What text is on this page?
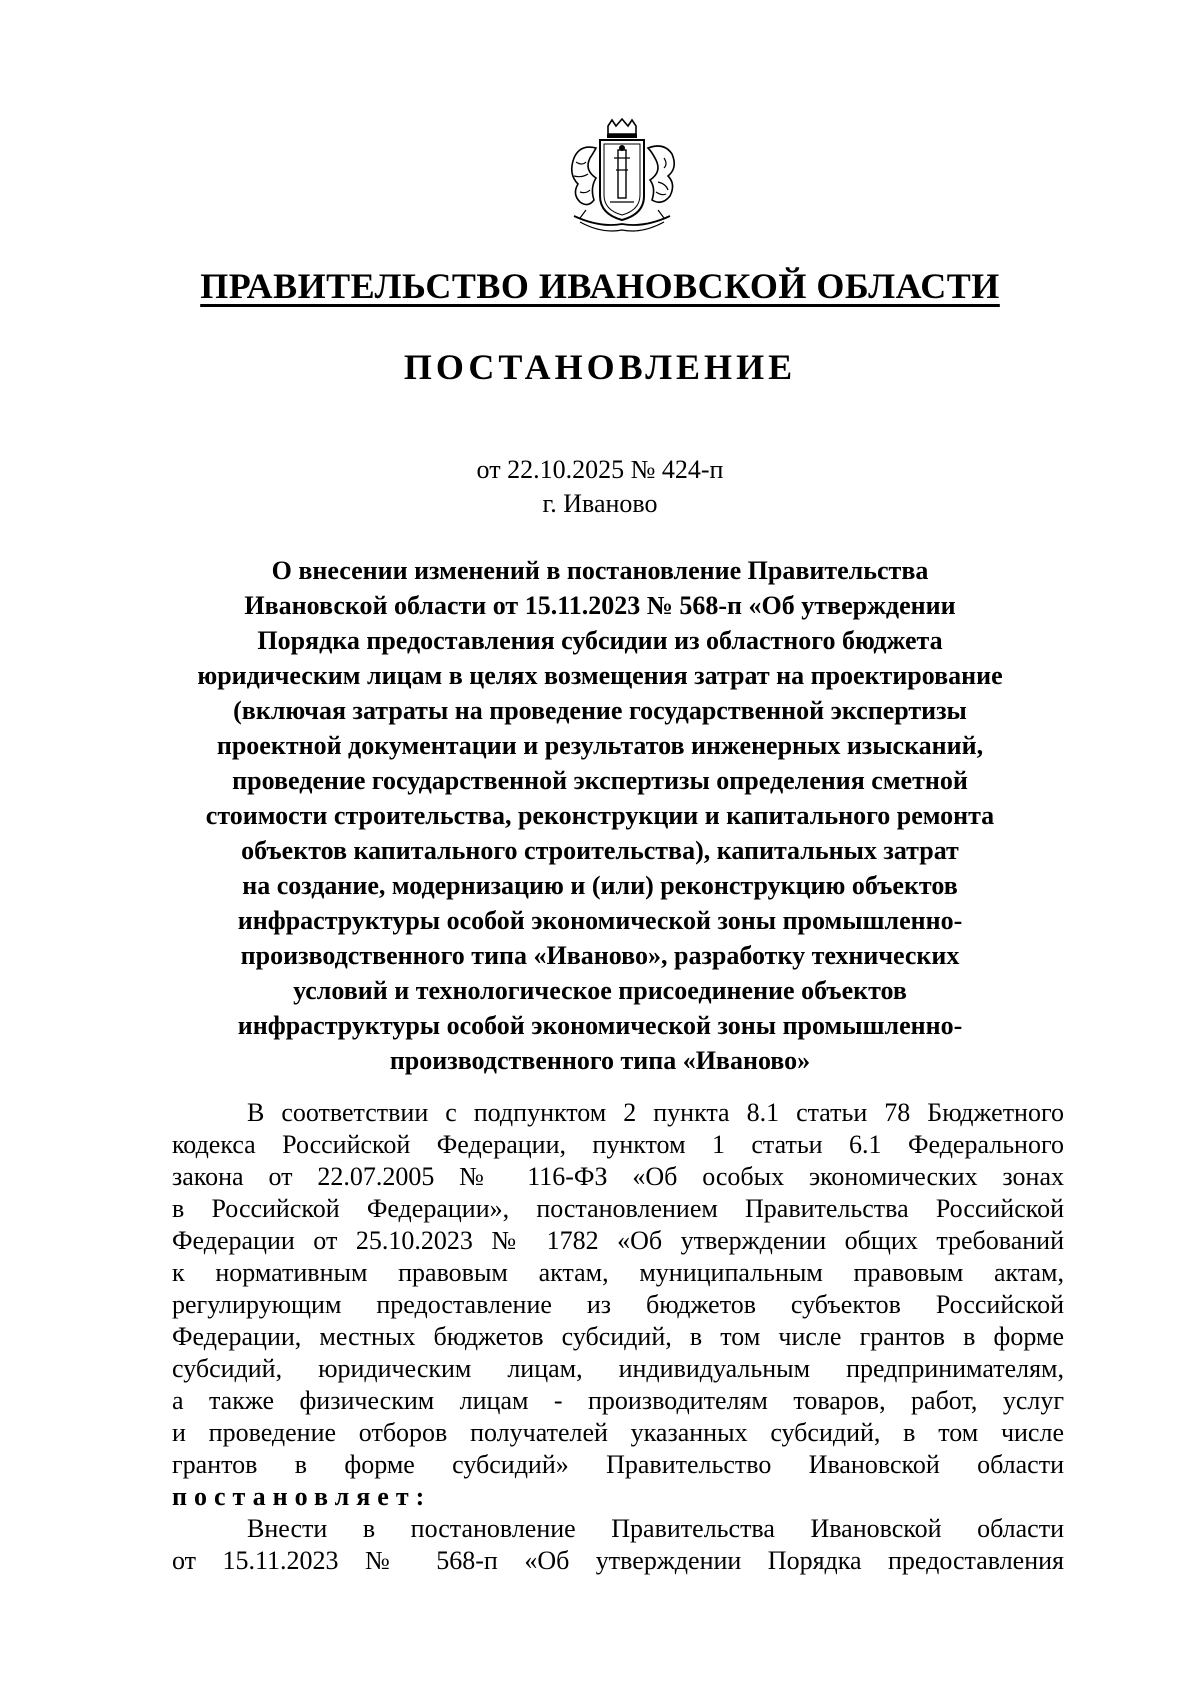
ПРАВИТЕЛЬСТВО ИВАНОВСКОЙ ОБЛАСТИ
ПОСТАНОВЛЕНИЕ
от 22.10.2025 № 424-п
г. Иваново
О внесении изменений в постановление Правительства
Ивановской области от 15.11.2023 № 568-п «Об утверждении
Порядка предоставления субсидии из областного бюджета
юридическим лицам в целях возмещения затрат на проектирование
(включая затраты на проведение государственной экспертизы
проектной документации и результатов инженерных изысканий,
проведение государственной экспертизы определения сметной
стоимости строительства, реконструкции и капитального ремонта
объектов капитального строительства), капитальных затрат
на создание, модернизацию и (или) реконструкцию объектов
инфраструктуры особой экономической зоны промышленно-
производственного типа «Иваново», разработку технических
условий и технологическое присоединение объектов
инфраструктуры особой экономической зоны промышленно-
производственного типа «Иваново»
В соответствии с подпунктом 2 пункта 8.1 статьи 78 Бюджетного
кодекса Российской Федерации, пунктом 1 статьи 6.1 Федерального
закона от 22.07.2005 № 116-ФЗ «Об особых экономических зонах
в Российской Федерации», постановлением Правительства Российской
Федерации от 25.10.2023 № 1782 «Об утверждении общих требований
к нормативным правовым актам, муниципальным правовым актам,
регулирующим предоставление из бюджетов субъектов Российской
Федерации, местных бюджетов субсидий, в том числе грантов в форме
субсидий, юридическим лицам, индивидуальным предпринимателям,
а также физическим лицам - производителям товаров, работ, услуг
и проведение отборов получателей указанных субсидий, в том числе
грантов в форме субсидий» Правительство Ивановской области
постановляет:
Внести в постановление Правительства Ивановской области
от 15.11.2023 № 568-п «Об утверждении Порядка предоставления
